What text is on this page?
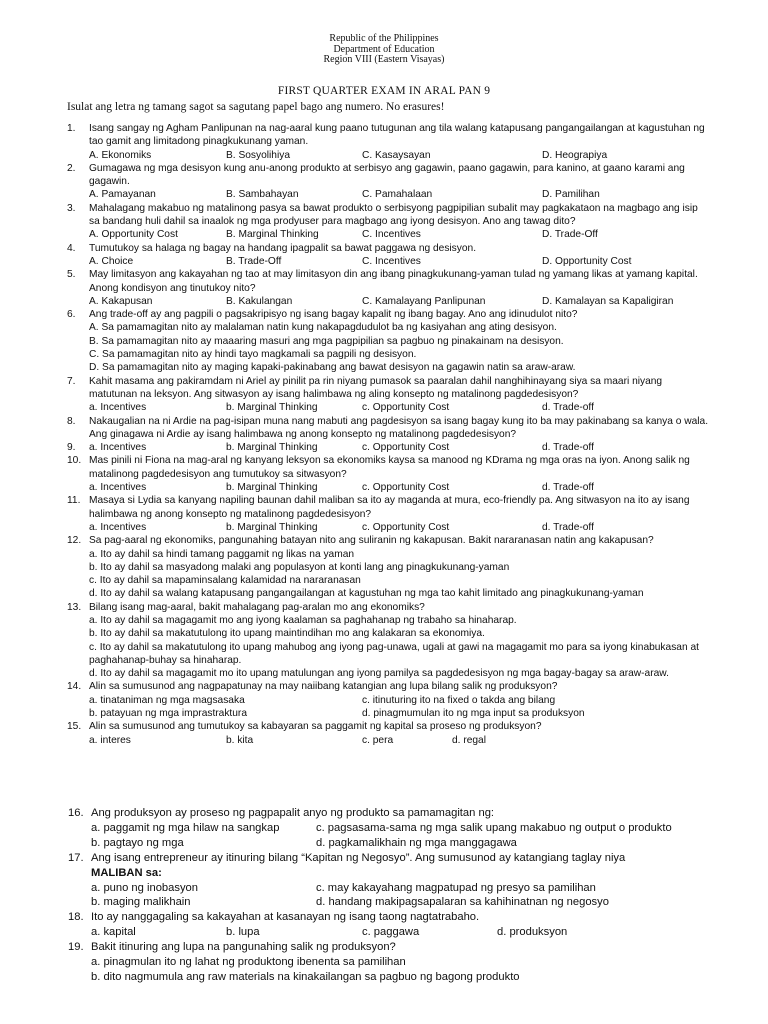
Republic of the Philippines
Department of Education
Region VIII (Eastern Visayas)
FIRST QUARTER EXAM IN ARAL PAN 9
Isulat ang letra ng tamang sagot sa sagutang papel bago ang numero. No erasures!
1.	Isang sangay ng Agham Panlipunan na nag-aaral kung paano tutugunan ang tila walang katapusang pangangailangan at kagustuhan ng tao gamit ang limitadong pinagkukunang yaman.
A. Ekonomiks	B. Sosyolihiya	C. Kasaysayan	D. Heograpiya
2.	Gumagawa ng mga desisyon kung anu-anong produkto at serbisyo ang gagawin, paano gagawin, para kanino, at gaano karami ang gagawin.
A. Pamayanan	B. Sambahayan	C. Pamahalaan	D. Pamilihan
3.	Mahalagang makabuo ng matalinong pasya sa bawat produkto o serbisyong pagpipilian subalit may pagkakataon na magbago ang isip sa bandang huli dahil sa inaalok ng mga prodyuser para magbago ang iyong desisyon. Ano ang tawag dito?
A. Opportunity Cost	B. Marginal Thinking	C. Incentives	D. Trade-Off
4.	Tumutukoy sa halaga ng bagay na handang ipagpalit sa bawat paggawa ng desisyon.
A. Choice	B. Trade-Off	C. Incentives	D. Opportunity Cost
5.	May limitasyon ang kakayahan ng tao at may limitasyon din ang ibang pinagkukunang-yaman tulad ng yamang likas at yamang kapital. Anong kondisyon ang tinutukoy nito?
A. Kakapusan	B. Kakulangan	C. Kamalayang Panlipunan	D. Kamalayan sa Kapaligiran
6.	Ang trade-off ay ang pagpili o pagsakripisyo ng isang bagay kapalit ng ibang bagay. Ano ang idinudulot nito?
A. Sa pamamagitan nito ay malalaman natin kung nakapagdudulot ba ng kasiyahan ang ating desisyon.
B. Sa pamamagitan nito ay maaaring masuri ang mga pagpipilian sa pagbuo ng pinakainam na desisyon.
C. Sa pamamagitan nito ay hindi tayo magkamali sa pagpili ng desisyon.
D. Sa pamamagitan nito ay maging kapaki-pakinabang ang bawat desisyon na gagawin natin sa araw-araw.
7.	Kahit masama ang pakiramdam ni Ariel ay pinilit pa rin niyang pumasok sa paaralan dahil nanghihinayang siya sa maari niyang matutunan na leksyon. Ang sitwasyon ay isang halimbawa ng aling konsepto ng matalinong pagdedesisyon?
a. Incentives	b. Marginal Thinking	c. Opportunity Cost	d. Trade-off
8.	Nakaugalian na ni Ardie na pag-isipan muna nang mabuti ang pagdesisyon sa isang bagay kung ito ba may pakinabang sa kanya o wala. Ang ginagawa ni Ardie ay isang halimbawa ng anong konsepto ng matalinong pagdedesisyon?
9.	a. Incentives	b. Marginal Thinking	c. Opportunity Cost	d. Trade-off
10. Mas pinili ni Fiona na mag-aral ng kanyang leksyon sa ekonomiks kaysa sa manood ng KDrama ng mga oras na iyon. Anong salik ng matalinong pagdedesisyon ang tumutukoy sa sitwasyon?
a. Incentives	b. Marginal Thinking	c. Opportunity Cost	d. Trade-off
11. Masaya si Lydia sa kanyang napiling baunan dahil maliban sa ito ay maganda at mura, eco-friendly pa. Ang sitwasyon na ito ay isang halimbawa ng anong konsepto ng matalinong pagdedesisyon?
a. Incentives	b. Marginal Thinking	c. Opportunity Cost	d. Trade-off
12. Sa pag-aaral ng ekonomiks, pangunahing batayan nito ang suliranin ng kakapusan. Bakit nararanasan natin ang kakapusan?
a. Ito ay dahil sa hindi tamang paggamit ng likas na yaman
b. Ito ay dahil sa masyadong malaki ang populasyon at konti lang ang pinagkukunang-yaman
c. Ito ay dahil sa mapaminsalang kalamidad na nararanasan
d. Ito ay dahil sa walang katapusang pangangailangan at kagustuhan ng mga tao kahit limitado ang pinagkukunang-yaman
13. Bilang isang mag-aaral, bakit mahalagang pag-aralan mo ang ekonomiks?
a. Ito ay dahil sa magagamit mo ang iyong kaalaman sa paghahanap ng trabaho sa hinaharap.
b. Ito ay dahil sa makatutulong ito upang maintindihan mo ang kalakaran sa ekonomiya.
c. Ito ay dahil sa makatutulong ito upang mahubog ang iyong pag-unawa, ugali at gawi na magagamit mo para sa iyong kinabukasan at paghahanap-buhay sa hinaharap.
d. Ito ay dahil sa magagamit mo ito upang matulungan ang iyong pamilya sa pagdedesisyon ng mga bagay-bagay sa araw-araw.
14. Alin sa sumusunod ang nagpapatunay na may naiibang katangian ang lupa bilang salik ng produksyon?
a. tinataniman ng mga magsasaka	c. itinuturing ito na fixed o takda ang bilang
b. patayuan ng mga imprastraktura	d. pinagmumulan ito ng mga input sa produksyon
15. Alin sa sumusunod ang tumutukoy sa kabayaran sa paggamit ng kapital sa proseso ng produksyon?
a. interes	b. kita	c. pera	d. regal
16. Ang produksyon ay proseso ng pagpapalit anyo ng produkto sa pamamagitan ng:
a. paggamit ng mga hilaw na sangkap	c. pagsasama-sama ng mga salik upang makabuo ng output o produkto
b. pagtayo ng mga	d. pagkamalikhain ng mga manggagawa
17. Ang isang entrepreneur ay itinuring bilang “Kapitan ng Negosyo”. Ang sumusunod ay katangiang taglay niya
MALIBAN sa:
a. puno ng inobasyon	c. may kakayahang magpatupad ng presyo sa pamilihan
b. maging malikhain	d. handang makipagsapalaran sa kahihinatnan ng negosyo
18. Ito ay nanggagaling sa kakayahan at kasanayan ng isang taong nagtatrabaho.
a. kapital	b. lupa	c. paggawa	d. produksyon
19. Bakit itinuring ang lupa na pangunahing salik ng produksyon?
a. pinagmulan ito ng lahat ng produktong ibenenta sa pamilihan
b. dito nagmumula ang raw materials na kinakailangan sa pagbuo ng bagong produkto
